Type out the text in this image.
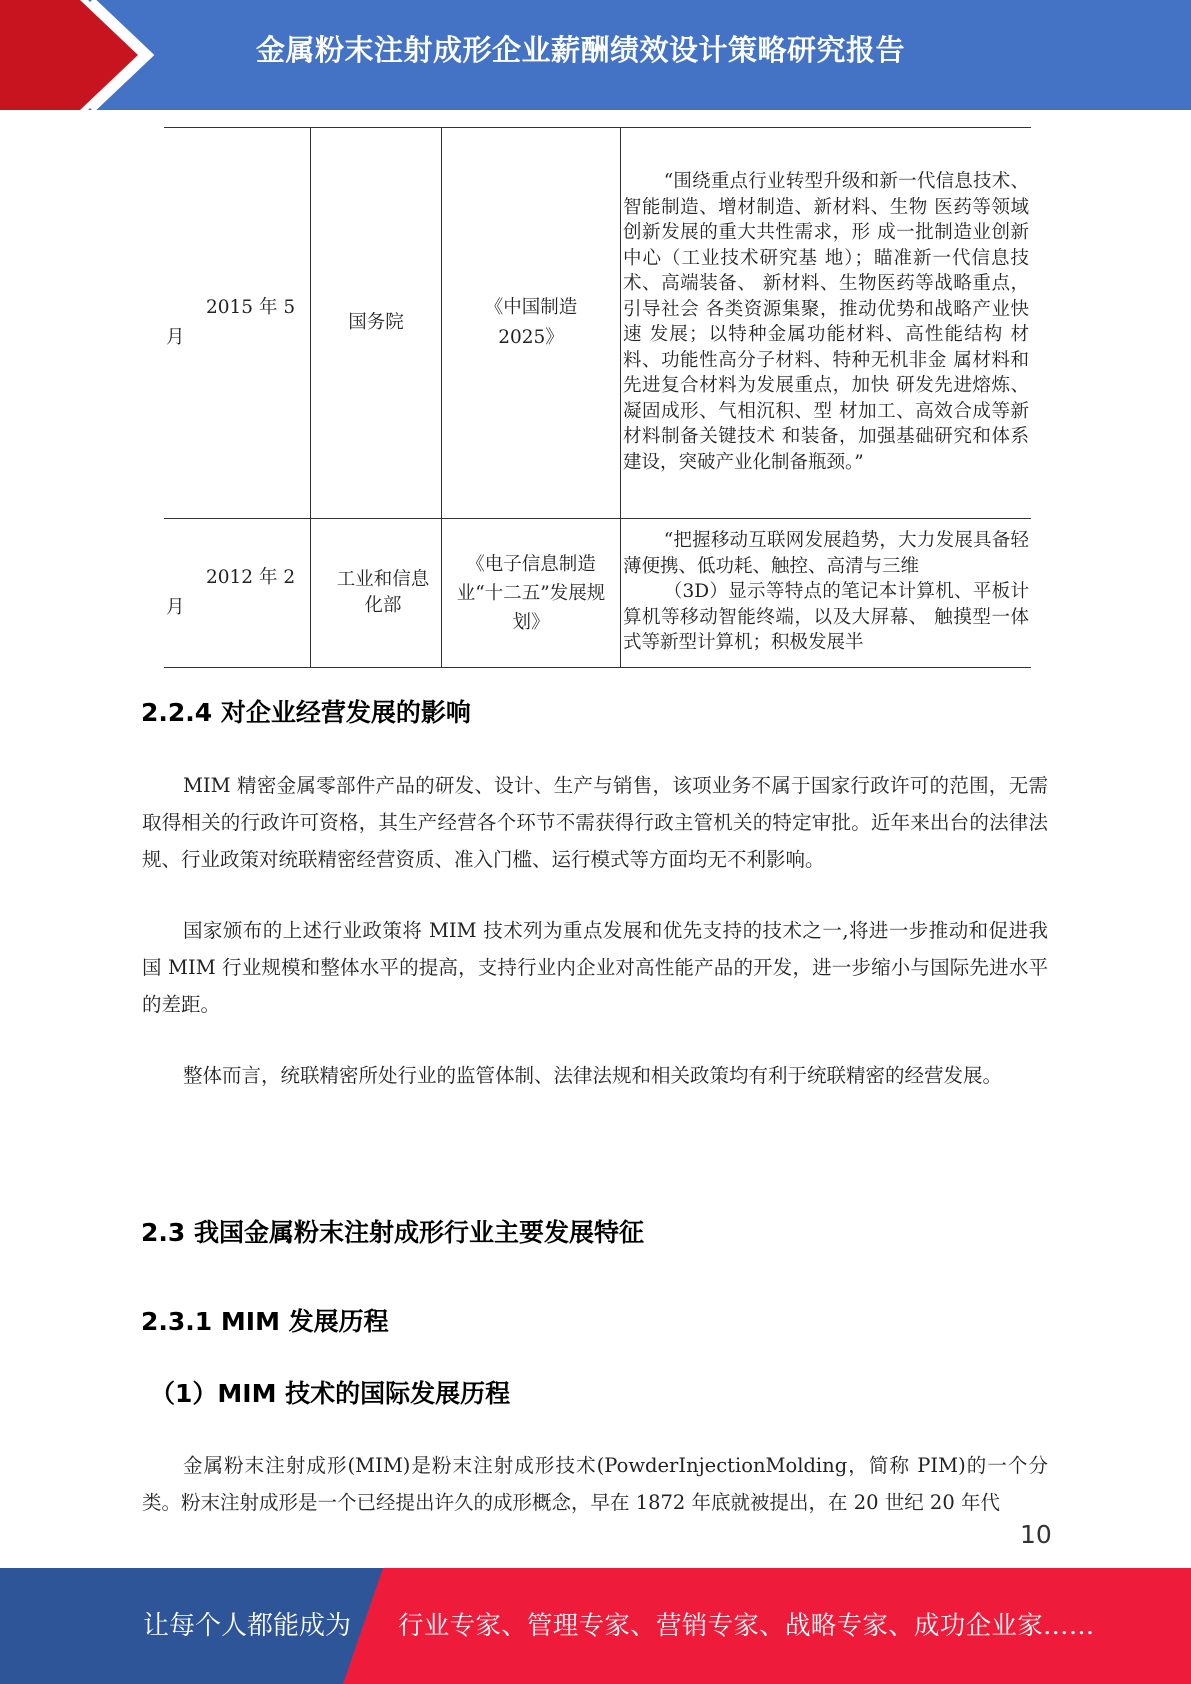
金属粉末注射成形企业薪酬绩效设计策略研究报告
2015 年 5
月	国务院	《中国制造2025》	“围绕重点行业转型升级和新一代信息技术、智能制造、增材制造、新材料、生物 医药等领域创新发展的重大共性需求，形 成一批制造业创新中心（工业技术研究基 地）；瞄准新一代信息技术、高端装备、 新材料、生物医药等战略重点，引导社会 各类资源集聚，推动优势和战略产业快速 发展；以特种金属功能材料、高性能结构 材料、功能性高分子材料、特种无机非金 属材料和先进复合材料为发展重点，加快 研发先进熔炼、凝固成形、气相沉积、型 材加工、高效合成等新材料制备关键技术 和装备，加强基础研究和体系建设，突破产业化制备瓶颈。”

2012 年 2
月	工业和信息 化部	《电子信息制造 业“十二五”发展规划》	“把握移动互联网发展趋势，大力发展具备轻薄便携、低功耗、触控、高清与三维
（3D）显示等特点的笔记本计算机、平板计算机等移动智能终端，以及大屏幕、 触摸型一体式等新型计算机；积极发展半
2.2.4 对企业经营发展的影响
MIM 精密金属零部件产品的研发、设计、生产与销售，该项业务不属于国家行政许可的范围，无需取得相关的行政许可资格，其生产经营各个环节不需获得行政主管机关的特定审批。近年来出台的法律法规、行业政策对统联精密经营资质、准入门槛、运行模式等方面均无不利影响。
国家颁布的上述行业政策将 MIM 技术列为重点发展和优先支持的技术之一,将进一步推动和促进我国 MIM 行业规模和整体水平的提高，支持行业内企业对高性能产品的开发，进一步缩小与国际先进水平的差距。
整体而言，统联精密所处行业的监管体制、法律法规和相关政策均有利于统联精密的经营发展。
2.3 我国金属粉末注射成形行业主要发展特征
2.3.1 MIM 发展历程
（1）MIM 技术的国际发展历程
金属粉末注射成形(MIM)是粉末注射成形技术(PowderInjectionMolding，简称 PIM)的一个分类。粉末注射成形是一个已经提出许久的成形概念，早在 1872 年底就被提出，在 20 世纪 20 年代
10
让每个人都能成为 行业专家、管理专家、营销专家、战略专家、成功企业家……
